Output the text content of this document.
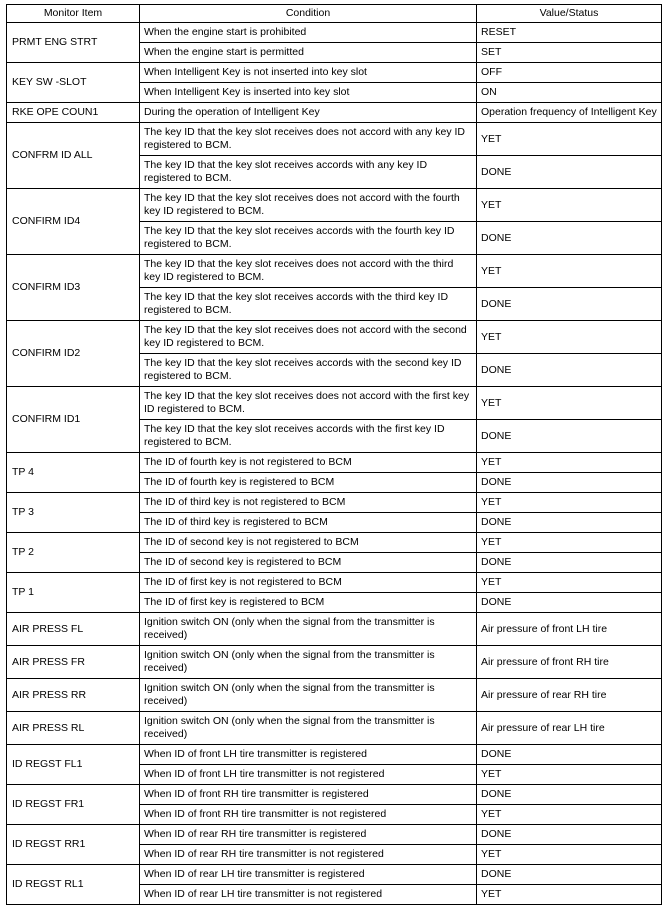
Monitor Item	Condition	Value/Status
PRMT ENG STRT	When the engine start is prohibited	RESET
	When the engine start is permitted	SET
KEY SW -SLOT	When Intelligent Key is not inserted into key slot	OFF
	When Intelligent Key is inserted into key slot	ON
RKE OPE COUN1	During the operation of Intelligent Key	Operation frequency of Intelligent Key
CONFRM ID ALL	The key ID that the key slot receives does not accord with any key ID registered to BCM.	YET
	The key ID that the key slot receives accords with any key ID registered to BCM.	DONE
CONFIRM ID4	The key ID that the key slot receives does not accord with the fourth key ID registered to BCM.	YET
	The key ID that the key slot receives accords with the fourth key ID registered to BCM.	DONE
CONFIRM ID3	The key ID that the key slot receives does not accord with the third key ID registered to BCM.	YET
	The key ID that the key slot receives accords with the third key ID registered to BCM.	DONE
CONFIRM ID2	The key ID that the key slot receives does not accord with the second key ID registered to BCM.	YET
	The key ID that the key slot receives accords with the second key ID registered to BCM.	DONE
CONFIRM ID1	The key ID that the key slot receives does not accord with the first key ID registered to BCM.	YET
	The key ID that the key slot receives accords with the first key ID registered to BCM.	DONE
TP 4	The ID of fourth key is not registered to BCM	YET
	The ID of fourth key is registered to BCM	DONE
TP 3	The ID of third key is not registered to BCM	YET
	The ID of third key is registered to BCM	DONE
TP 2	The ID of second key is not registered to BCM	YET
	The ID of second key is registered to BCM	DONE
TP 1	The ID of first key is not registered to BCM	YET
	The ID of first key is registered to BCM	DONE
AIR PRESS FL	Ignition switch ON (only when the signal from the transmitter is received)	Air pressure of front LH tire
AIR PRESS FR	Ignition switch ON (only when the signal from the transmitter is received)	Air pressure of front RH tire
AIR PRESS RR	Ignition switch ON (only when the signal from the transmitter is received)	Air pressure of rear RH tire
AIR PRESS RL	Ignition switch ON (only when the signal from the transmitter is received)	Air pressure of rear LH tire
ID REGST FL1	When ID of front LH tire transmitter is registered	DONE
	When ID of front LH tire transmitter is not registered	YET
ID REGST FR1	When ID of front RH tire transmitter is registered	DONE
	When ID of front RH tire transmitter is not registered	YET
ID REGST RR1	When ID of rear RH tire transmitter is registered	DONE
	When ID of rear RH tire transmitter is not registered	YET
ID REGST RL1	When ID of rear LH tire transmitter is registered	DONE
	When ID of rear LH tire transmitter is not registered	YET
